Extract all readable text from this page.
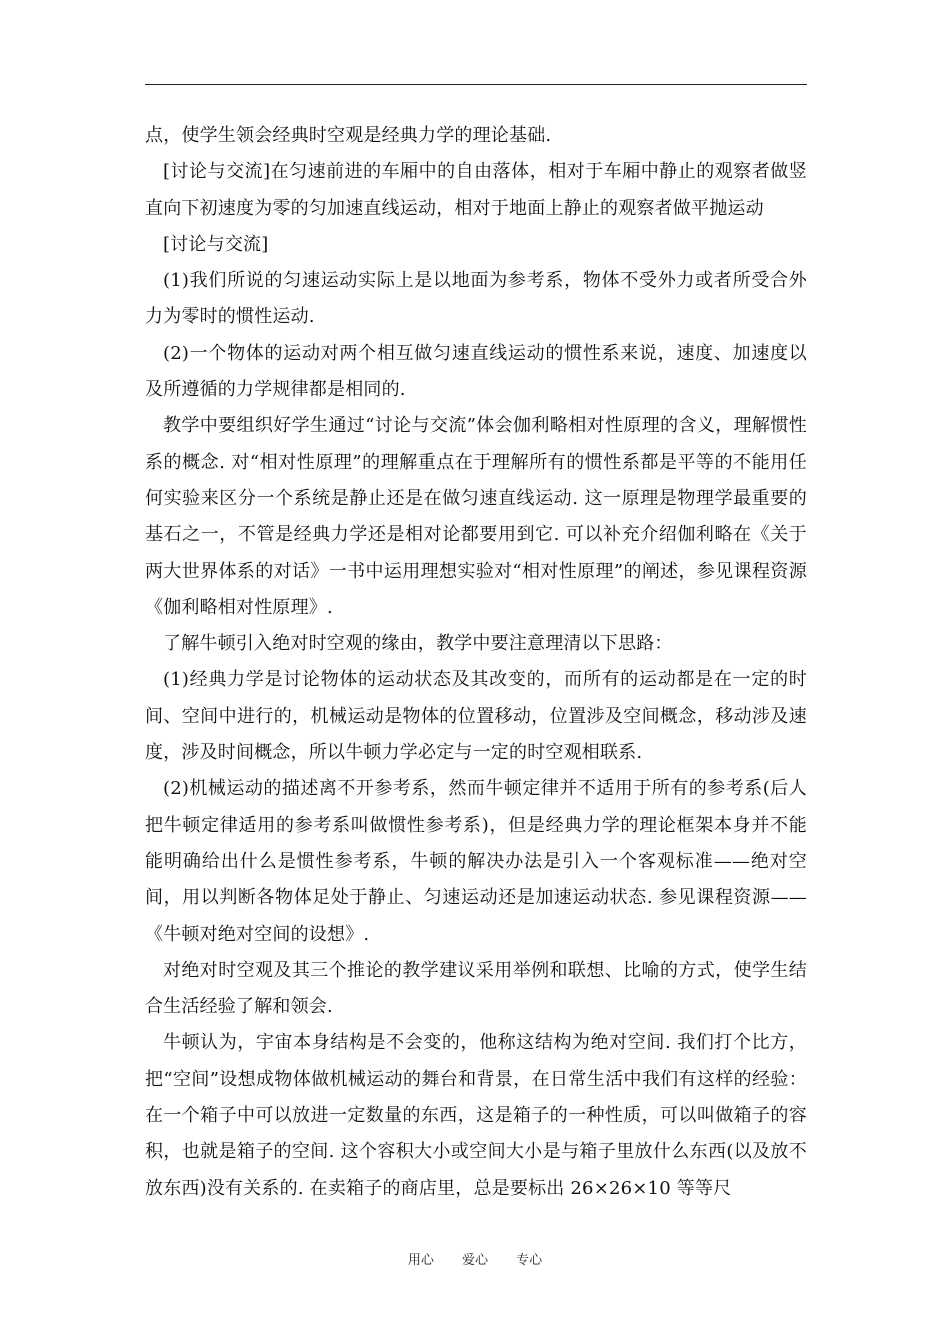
点，使学生领会经典时空观是经典力学的理论基础.

[讨论与交流]在匀速前进的车厢中的自由落体，相对于车厢中静止的观察者做竖直向下初速度为零的匀加速直线运动，相对于地面上静止的观察者做平抛运动

[讨论与交流]

(1)我们所说的匀速运动实际上是以地面为参考系，物体不受外力或者所受合外力为零时的惯性运动.

(2)一个物体的运动对两个相互做匀速直线运动的惯性系来说，速度、加速度以及所遵循的力学规律都是相同的.

教学中要组织好学生通过“讨论与交流”体会伽利略相对性原理的含义，理解惯性系的概念. 对“相对性原理”的理解重点在于理解所有的惯性系都是平等的不能用任何实验来区分一个系统是静止还是在做匀速直线运动. 这一原理是物理学最重要的基石之一，不管是经典力学还是相对论都要用到它. 可以补充介绍伽利略在《关于两大世界体系的对话》一书中运用理想实验对“相对性原理”的阐述，参见课程资源《伽利略相对性原理》.

了解牛顿引入绝对时空观的缘由，教学中要注意理清以下思路：

(1)经典力学是讨论物体的运动状态及其改变的，而所有的运动都是在一定的时间、空间中进行的，机械运动是物体的位置移动，位置涉及空间概念，移动涉及速度，涉及时间概念，所以牛顿力学必定与一定的时空观相联系.

(2)机械运动的描述离不开参考系，然而牛顿定律并不适用于所有的参考系(后人把牛顿定律适用的参考系叫做惯性参考系)，但是经典力学的理论框架本身并不能能明确给出什么是惯性参考系，牛顿的解决办法是引入一个客观标准——绝对空间，用以判断各物体足处于静止、匀速运动还是加速运动状态. 参见课程资源——《牛顿对绝对空间的设想》.

对绝对时空观及其三个推论的教学建议采用举例和联想、比喻的方式，使学生结合生活经验了解和领会.

牛顿认为，宇宙本身结构是不会变的，他称这结构为绝对空间. 我们打个比方，把“空间”设想成物体做机械运动的舞台和背景，在日常生活中我们有这样的经验：在一个箱子中可以放进一定数量的东西，这是箱子的一种性质，可以叫做箱子的容积，也就是箱子的空间. 这个容积大小或空间大小是与箱子里放什么东西(以及放不放东西)没有关系的. 在卖箱子的商店里，总是要标出 26×26×10 等等尺

用心 爱心 专心
